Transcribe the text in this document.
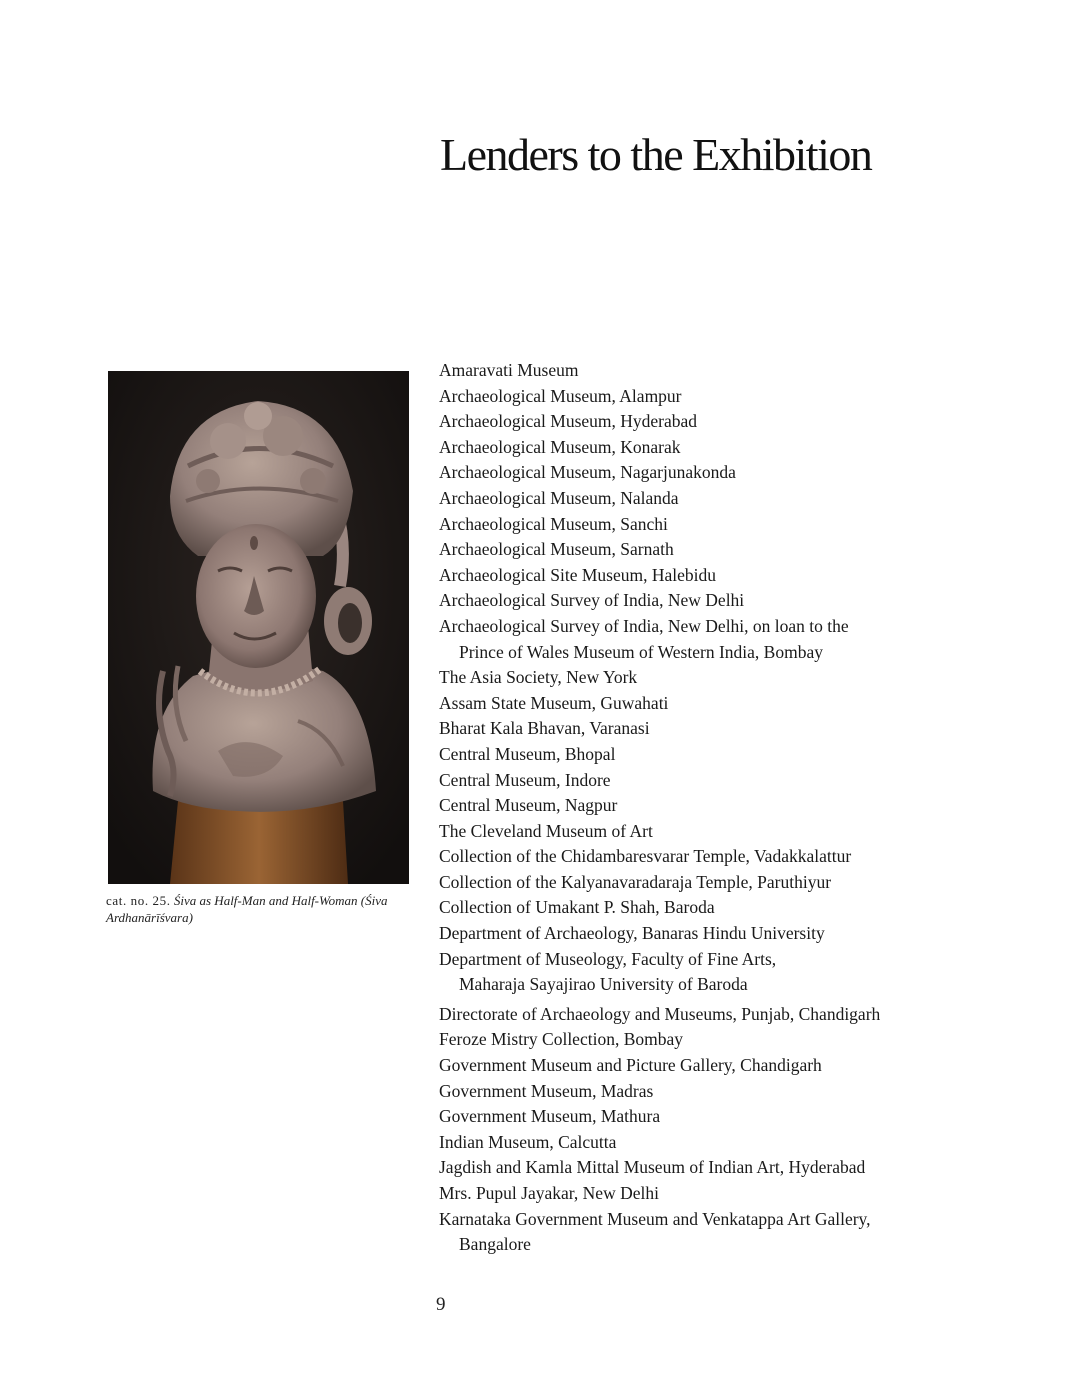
Lenders to the Exhibition
cat. no. 25. Śiva as Half-Man and Half-Woman (Śiva Ardhanārīśvara)
Amaravati Museum
Archaeological Museum, Alampur
Archaeological Museum, Hyderabad
Archaeological Museum, Konarak
Archaeological Museum, Nagarjunakonda
Archaeological Museum, Nalanda
Archaeological Museum, Sanchi
Archaeological Museum, Sarnath
Archaeological Site Museum, Halebidu
Archaeological Survey of India, New Delhi
Archaeological Survey of India, New Delhi, on loan to the
Prince of Wales Museum of Western India, Bombay
The Asia Society, New York
Assam State Museum, Guwahati
Bharat Kala Bhavan, Varanasi
Central Museum, Bhopal
Central Museum, Indore
Central Museum, Nagpur
The Cleveland Museum of Art
Collection of the Chidambaresvarar Temple, Vadakkalattur
Collection of the Kalyanavaradaraja Temple, Paruthiyur
Collection of Umakant P. Shah, Baroda
Department of Archaeology, Banaras Hindu University
Department of Museology, Faculty of Fine Arts,
Maharaja Sayajirao University of Baroda
Directorate of Archaeology and Museums, Punjab, Chandigarh
Feroze Mistry Collection, Bombay
Government Museum and Picture Gallery, Chandigarh
Government Museum, Madras
Government Museum, Mathura
Indian Museum, Calcutta
Jagdish and Kamla Mittal Museum of Indian Art, Hyderabad
Mrs. Pupul Jayakar, New Delhi
Karnataka Government Museum and Venkatappa Art Gallery,
Bangalore
9
